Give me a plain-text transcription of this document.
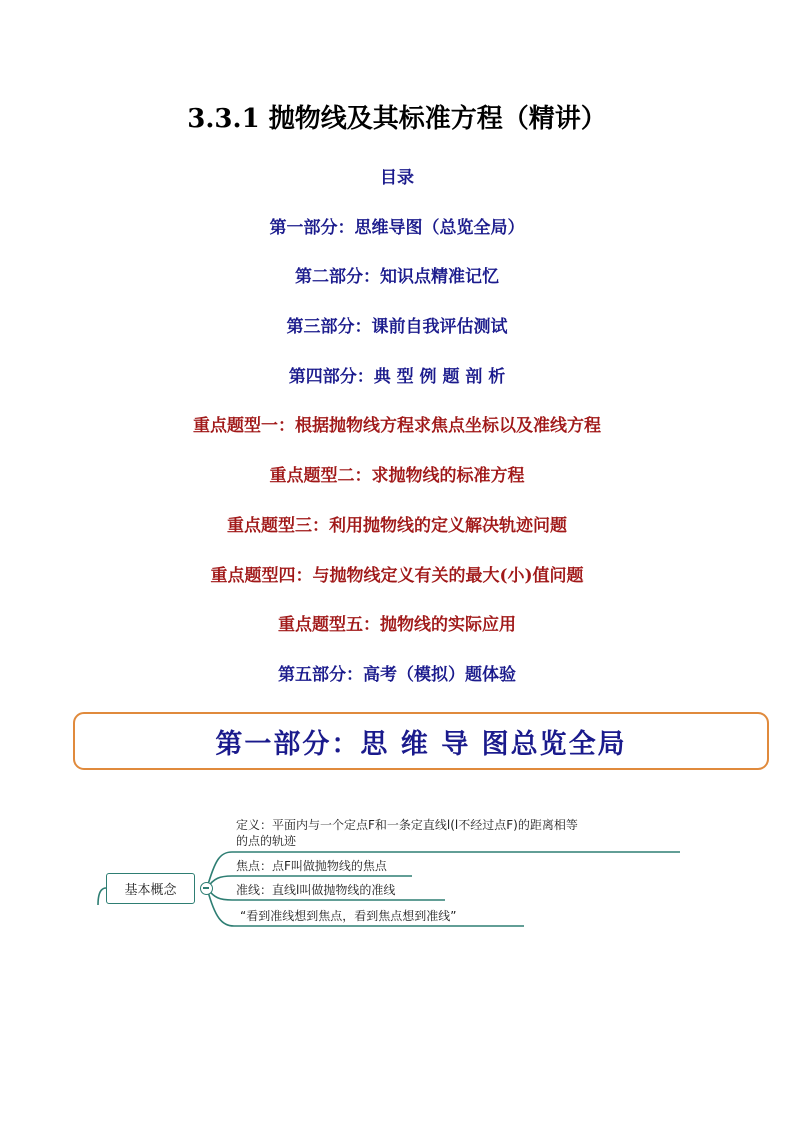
3.3.1 抛物线及其标准方程（精讲）
目录
第一部分：思维导图（总览全局）
第二部分：知识点精准记忆
第三部分：课前自我评估测试
第四部分：典 型 例 题 剖 析
重点题型一：根据抛物线方程求焦点坐标以及准线方程
重点题型二：求抛物线的标准方程
重点题型三：利用抛物线的定义解决轨迹问题
重点题型四：与抛物线定义有关的最大(小)值问题
重点题型五：抛物线的实际应用
第五部分：高考（模拟）题体验
第一部分：思 维 导 图总览全局
基本概念
定义：平面内与一个定点F和一条定直线l(l不经过点F)的距离相等
的点的轨迹
焦点：点F叫做抛物线的焦点
准线：直线l叫做抛物线的准线
“看到准线想到焦点，看到焦点想到准线”
